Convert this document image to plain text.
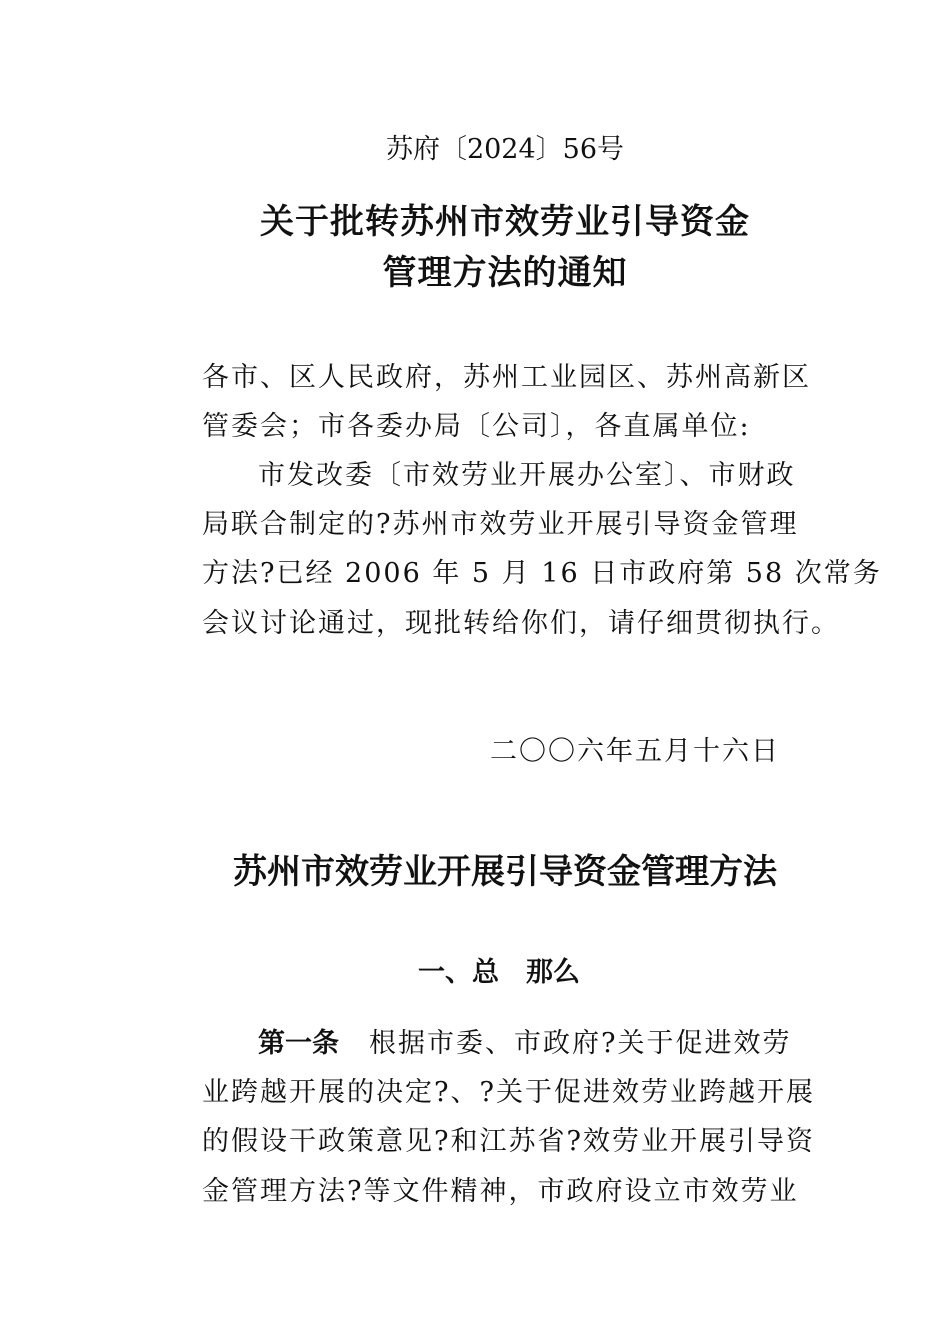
苏府〔2024〕56号

关于批转苏州市效劳业引导资金

管理方法的通知

各市、区人民政府，苏州工业园区、苏州高新区

管委会；市各委办局〔公司〕，各直属单位:

市发改委〔市效劳业开展办公室〕、市财政

局联合制定的?苏州市效劳业开展引导资金管理

方法?已经 2006 年 5 月 16 日市政府第 58 次常务

会议讨论通过，现批转给你们，请仔细贯彻执行。

二〇〇六年五月十六日

苏州市效劳业开展引导资金管理方法

一、总　那么

第一条 根据市委、市政府?关于促进效劳

业跨越开展的决定?、?关于促进效劳业跨越开展

的假设干政策意见?和江苏省?效劳业开展引导资

金管理方法?等文件精神，市政府设立市效劳业
